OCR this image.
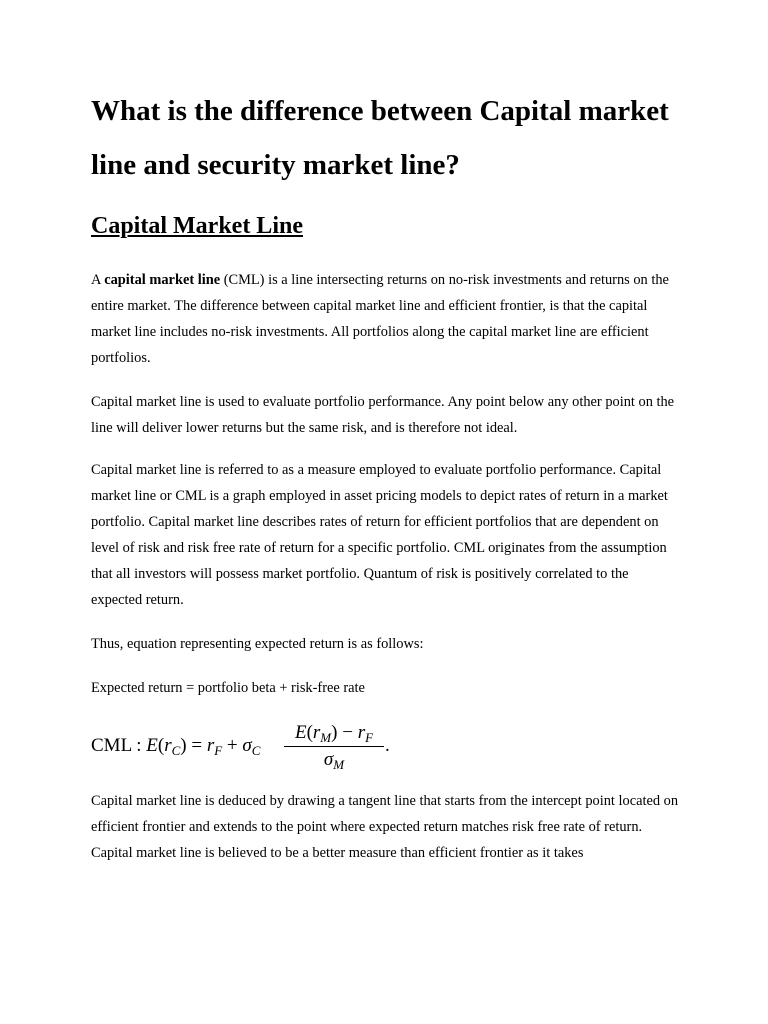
What is the difference between Capital market line and security market line?
Capital Market Line

A capital market line (CML) is a line intersecting returns on no-risk investments and returns on the entire market. The difference between capital market line and efficient frontier, is that the capital market line includes no-risk investments. All portfolios along the capital market line are efficient portfolios.

Capital market line is used to evaluate portfolio performance. Any point below any other point on the line will deliver lower returns but the same risk, and is therefore not ideal.

Capital market line is referred to as a measure employed to evaluate portfolio performance. Capital market line or CML is a graph employed in asset pricing models to depict rates of return in a market portfolio. Capital market line describes rates of return for efficient portfolios that are dependent on level of risk and risk free rate of return for a specific portfolio. CML originates from the assumption that all investors will possess market portfolio. Quantum of risk is positively correlated to the expected return.

Thus, equation representing expected return is as follows:

Expected return = portfolio beta + risk-free rate

CML : $E(r_C) = r_F + \sigma_C$
$E(r_M) - r_F$
$\sigma_M$
.

Capital market line is deduced by drawing a tangent line that starts from the intercept point located on efficient frontier and extends to the point where expected return matches risk free rate of return. Capital market line is believed to be a better measure than efficient frontier as it takes
